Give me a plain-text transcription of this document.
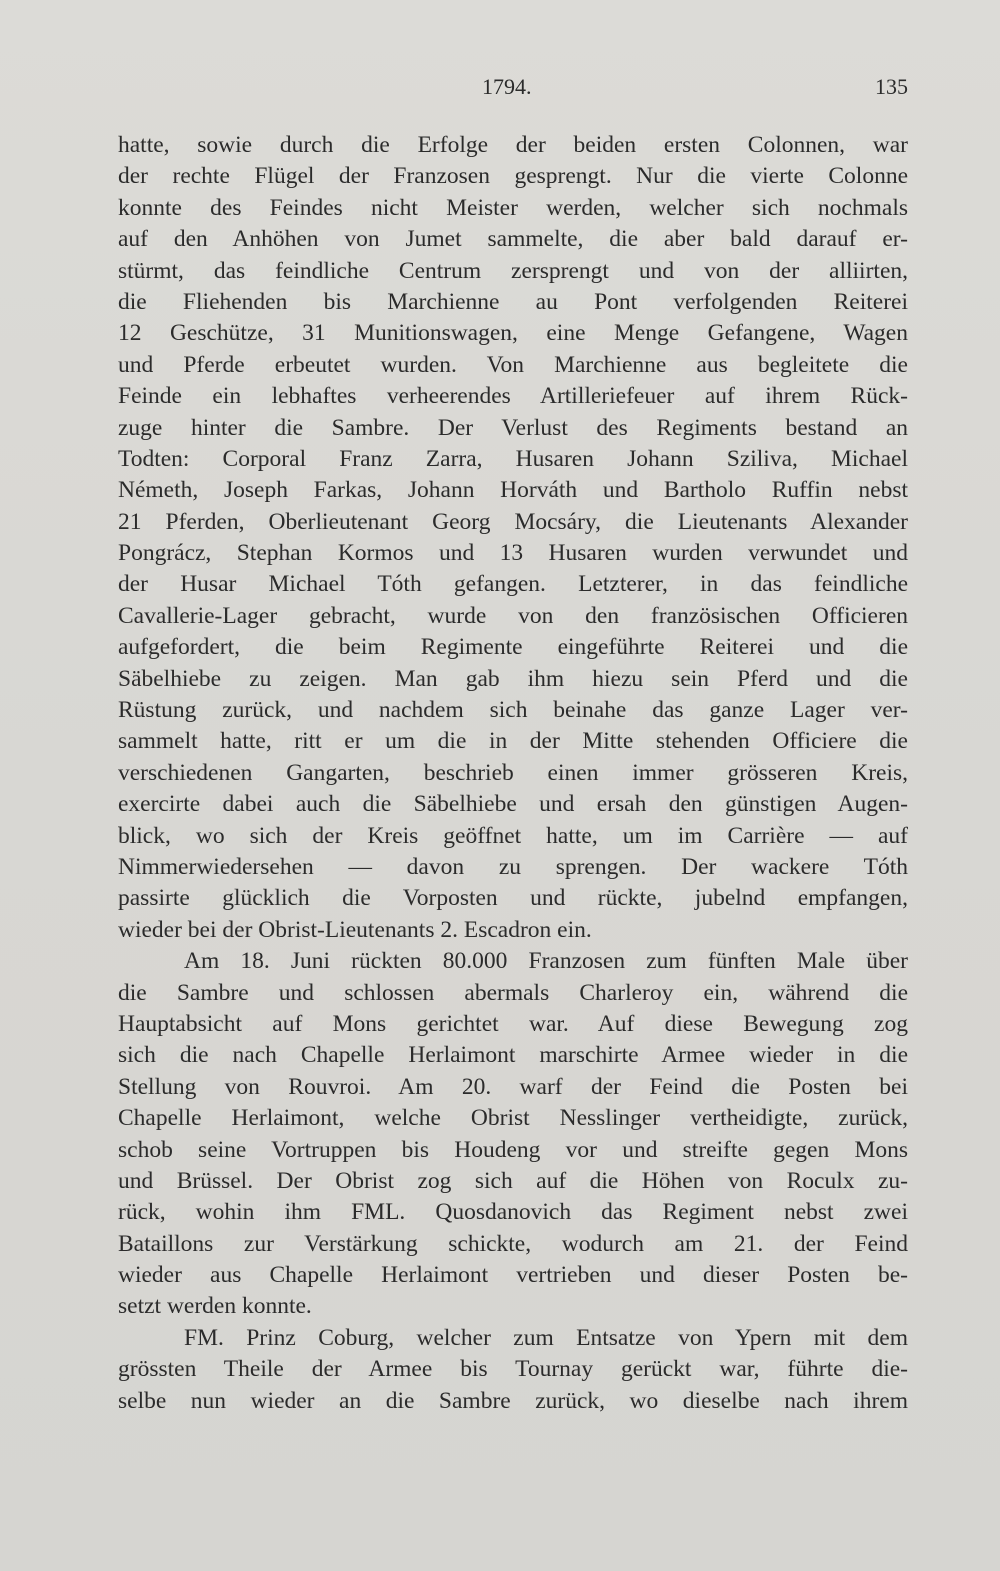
1794.	135
hatte, sowie durch die Erfolge der beiden ersten Colonnen, war
der rechte Flügel der Franzosen gesprengt. Nur die vierte Colonne
konnte des Feindes nicht Meister werden, welcher sich nochmals
auf den Anhöhen von Jumet sammelte, die aber bald darauf er-
stürmt, das feindliche Centrum zersprengt und von der alliirten,
die Fliehenden bis Marchienne au Pont verfolgenden Reiterei
12 Geschütze, 31 Munitionswagen, eine Menge Gefangene, Wagen
und Pferde erbeutet wurden. Von Marchienne aus begleitete die
Feinde ein lebhaftes verheerendes Artilleriefeuer auf ihrem Rück-
zuge hinter die Sambre. Der Verlust des Regiments bestand an
Todten: Corporal Franz Zarra, Husaren Johann Sziliva, Michael
Németh, Joseph Farkas, Johann Horváth und Bartholo Ruffin nebst
21 Pferden, Oberlieutenant Georg Mocsáry, die Lieutenants Alexander
Pongrácz, Stephan Kormos und 13 Husaren wurden verwundet und
der Husar Michael Tóth gefangen. Letzterer, in das feindliche
Cavallerie-Lager gebracht, wurde von den französischen Officieren
aufgefordert, die beim Regimente eingeführte Reiterei und die
Säbelhiebe zu zeigen. Man gab ihm hiezu sein Pferd und die
Rüstung zurück, und nachdem sich beinahe das ganze Lager ver-
sammelt hatte, ritt er um die in der Mitte stehenden Officiere die
verschiedenen Gangarten, beschrieb einen immer grösseren Kreis,
exercirte dabei auch die Säbelhiebe und ersah den günstigen Augen-
blick, wo sich der Kreis geöffnet hatte, um im Carrière — auf
Nimmerwiedersehen — davon zu sprengen. Der wackere Tóth
passirte glücklich die Vorposten und rückte, jubelnd empfangen,
wieder bei der Obrist-Lieutenants 2. Escadron ein.
Am 18. Juni rückten 80.000 Franzosen zum fünften Male über
die Sambre und schlossen abermals Charleroy ein, während die
Hauptabsicht auf Mons gerichtet war. Auf diese Bewegung zog
sich die nach Chapelle Herlaimont marschirte Armee wieder in die
Stellung von Rouvroi. Am 20. warf der Feind die Posten bei
Chapelle Herlaimont, welche Obrist Nesslinger vertheidigte, zurück,
schob seine Vortruppen bis Houdeng vor und streifte gegen Mons
und Brüssel. Der Obrist zog sich auf die Höhen von Roculx zu-
rück, wohin ihm FML. Quosdanovich das Regiment nebst zwei
Bataillons zur Verstärkung schickte, wodurch am 21. der Feind
wieder aus Chapelle Herlaimont vertrieben und dieser Posten be-
setzt werden konnte.
FM. Prinz Coburg, welcher zum Entsatze von Ypern mit dem
grössten Theile der Armee bis Tournay gerückt war, führte die-
selbe nun wieder an die Sambre zurück, wo dieselbe nach ihrem
